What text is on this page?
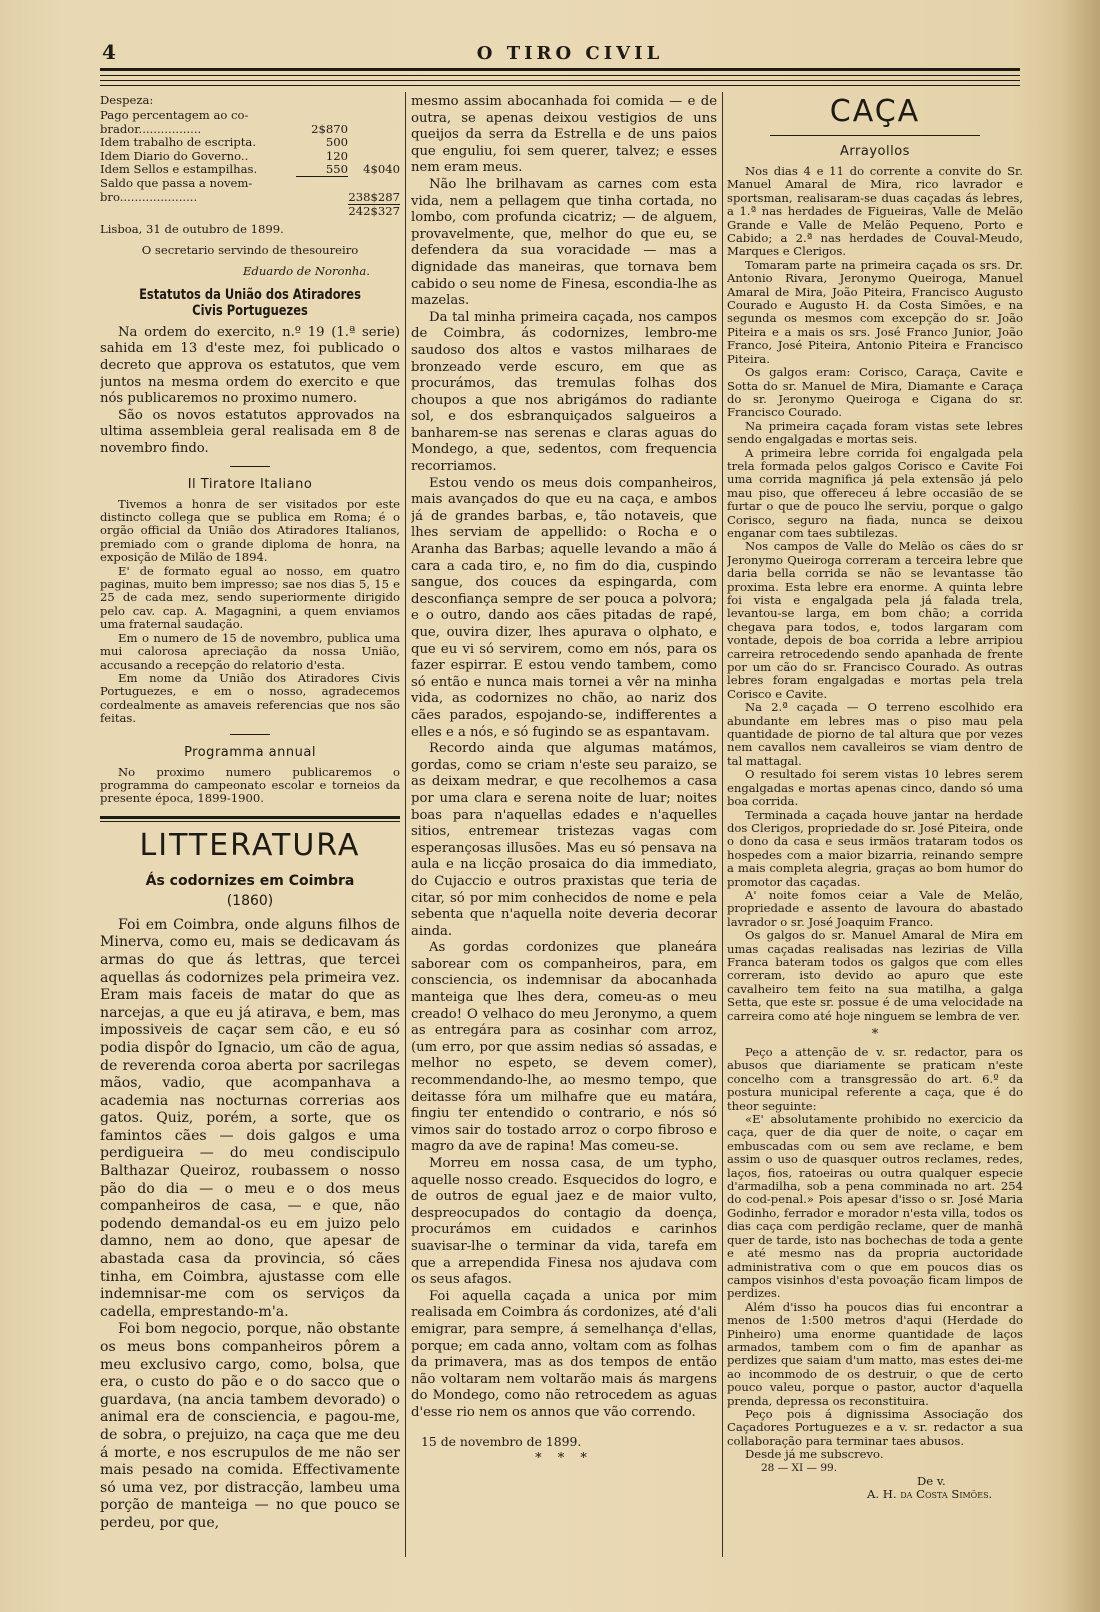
4	O TIRO CIVIL

Despeza:

Pago percentagem ao co-
brador.................	2$870
Idem trabalho de escripta.	500
Idem Diario do Governo..	120
Idem Sellos e estampilhas.	550	4$040
Saldo que passa a novem-
bro.....................	238$287
242$327

Lisboa, 31 de outubro de 1899.

O secretario servindo de thesoureiro

Eduardo de Noronha.

Estatutos da União dos Atiradores Civis Portuguezes

Na ordem do exercito, n.º 19 (1.ª serie) sahida em 13 d'este mez, foi publicado o decreto que approva os estatutos, que vem juntos na mesma ordem do exercito e que nós publicaremos no proximo numero.

São os novos estatutos approvados na ultima assembleia geral realisada em 8 de novembro findo.

Il Tiratore Italiano

Tivemos a honra de ser visitados por este distincto collega que se publica em Roma; é o orgão official da União dos Atiradores Italianos, premiado com o grande diploma de honra, na exposição de Milão de 1894.

E' de formato egual ao nosso, em quatro paginas, muito bem impresso; sae nos dias 5, 15 e 25 de cada mez, sendo superiormente dirigido pelo cav. cap. A. Magagnini, a quem enviamos uma fraternal saudação.

Em o numero de 15 de novembro, publica uma mui calorosa apreciação da nossa União, accusando a recepção do relatorio d'esta.

Em nome da União dos Atiradores Civis Portuguezes, e em o nosso, agradecemos cordealmente as amaveis referencias que nos são feitas.

Programma annual

No proximo numero publicaremos o programma do campeonato escolar e torneios da presente época, 1899-1900.

LITTERATURA
Ás codornizes em Coimbra
(1860)

Foi em Coimbra, onde alguns filhos de Minerva, como eu, mais se dedicavam ás armas do que ás lettras, que tercei aquellas ás codornizes pela primeira vez. Eram mais faceis de matar do que as narcejas, a que eu já atirava, e bem, mas impossiveis de caçar sem cão, e eu só podia dispôr do Ignacio, um cão de agua, de reverenda coroa aberta por sacrilegas mãos, vadio, que acompanhava a academia nas nocturnas correrias aos gatos. Quiz, porém, a sorte, que os famintos cães — dois galgos e uma perdigueira — do meu condiscipulo Balthazar Queiroz, roubassem o nosso pão do dia — o meu e o dos meus companheiros de casa, — e que, não podendo demandal-os eu em juizo pelo damno, nem ao dono, que apesar de abastada casa da provincia, só cães tinha, em Coimbra, ajustasse com elle indemnisar-me com os serviços da cadella, emprestando-m'a.

Foi bom negocio, porque, não obstante os meus bons companheiros pôrem a meu exclusivo cargo, como, bolsa, que era, o custo do pão e o do sacco que o guardava, (na ancia tambem devorado) o animal era de consciencia, e pagou-me, de sobra, o prejuizo, na caça que me deu á morte, e nos escrupulos de me não ser mais pesado na comida. Effectivamente só uma vez, por distracção, lambeu uma porção de manteiga — no que pouco se perdeu, por que,

mesmo assim abocanhada foi comida — e de outra, se apenas deixou vestigios de uns queijos da serra da Estrella e de uns paios que enguliu, foi sem querer, talvez; e esses nem eram meus.

Não lhe brilhavam as carnes com esta vida, nem a pellagem que tinha cortada, no lombo, com profunda cicatriz; — de alguem, provavelmente, que, melhor do que eu, se defendera da sua voracidade — mas a dignidade das maneiras, que tornava bem cabido o seu nome de Finesa, escondia-lhe as mazelas.

Da tal minha primeira caçada, nos campos de Coimbra, ás codornizes, lembro-me saudoso dos altos e vastos milharaes de bronzeado verde escuro, em que as procurámos, das tremulas folhas dos choupos a que nos abrigámos do radiante sol, e dos esbranquiçados salgueiros a banharem-se nas serenas e claras aguas do Mondego, a que, sedentos, com frequencia recorriamos.

Estou vendo os meus dois companheiros, mais avançados do que eu na caça, e ambos já de grandes barbas, e, tão notaveis, que lhes serviam de appellido: o Rocha e o Aranha das Barbas; aquelle levando a mão á cara a cada tiro, e, no fim do dia, cuspindo sangue, dos couces da espingarda, com desconfiança sempre de ser pouca a polvora; e o outro, dando aos cães pitadas de rapé, que, ouvira dizer, lhes apurava o olphato, e que eu vi só servirem, como em nós, para os fazer espirrar. E estou vendo tambem, como só então e nunca mais tornei a vêr na minha vida, as codornizes no chão, ao nariz dos cães parados, espojando-se, indifferentes a elles e a nós, e só fugindo se as espantavam.

Recordo ainda que algumas matámos, gordas, como se criam n'este seu paraizo, se as deixam medrar, e que recolhemos a casa por uma clara e serena noite de luar; noites boas para n'aquellas edades e n'aquelles sitios, entremear tristezas vagas com esperançosas illusões. Mas eu só pensava na aula e na licção prosaica do dia immediato, do Cujaccio e outros praxistas que teria de citar, só por mim conhecidos de nome e pela sebenta que n'aquella noite deveria decorar ainda.

As gordas cordonizes que planeára saborear com os companheiros, para, em consciencia, os indemnisar da abocanhada manteiga que lhes dera, comeu-as o meu creado! O velhaco do meu Jeronymo, a quem as entregára para as cosinhar com arroz, (um erro, por que assim nedias só assadas, e melhor no espeto, se devem comer), recommendando-lhe, ao mesmo tempo, que deitasse fóra um milhafre que eu matára, fingiu ter entendido o contrario, e nós só vimos sair do tostado arroz o corpo fibroso e magro da ave de rapina! Mas comeu-se.

Morreu em nossa casa, de um typho, aquelle nosso creado. Esquecidos do logro, e de outros de egual jaez e de maior vulto, despreocupados do contagio da doença, procurámos em cuidados e carinhos suavisar-lhe o terminar da vida, tarefa em que a arrependida Finesa nos ajudava com os seus afagos.

Foi aquella caçada a unica por mim realisada em Coimbra ás cordonizes, até d'ali emigrar, para sempre, á semelhança d'ellas, porque; em cada anno, voltam com as folhas da primavera, mas as dos tempos de então não voltaram nem voltarão mais ás margens do Mondego, como não retrocedem as aguas d'esse rio nem os annos que vão correndo.

15 de novembro de 1899.

* * *

CAÇA
Arrayollos

Nos dias 4 e 11 do corrente a convite do Sr. Manuel Amaral de Mira, rico lavrador e sportsman, realisaram-se duas caçadas ás lebres, a 1.ª nas herdades de Figueiras, Valle de Melão Grande e Valle de Melão Pequeno, Porto e Cabido; a 2.ª nas herdades de Couval-Meudo, Marques e Clerigos.

Tomaram parte na primeira caçada os srs. Dr. Antonio Rivara, Jeronymo Queiroga, Manuel Amaral de Mira, João Piteira, Francisco Augusto Courado e Augusto H. da Costa Simões, e na segunda os mesmos com excepção do sr. João Piteira e a mais os srs. José Franco Junior, João Franco, José Piteira, Antonio Piteira e Francisco Piteira.

Os galgos eram: Corisco, Caraça, Cavite e Sotta do sr. Manuel de Mira, Diamante e Caraça do sr. Jeronymo Queiroga e Cigana do sr. Francisco Courado.

Na primeira caçada foram vistas sete lebres sendo engalgadas e mortas seis.

A primeira lebre corrida foi engalgada pela trela formada pelos galgos Corisco e Cavite Foi uma corrida magnifica já pela extensão já pelo mau piso, que offereceu á lebre occasião de se furtar o que de pouco lhe serviu, porque o galgo Corisco, seguro na fiada, nunca se deixou enganar com taes subtilezas.

Nos campos de Valle do Melão os cães do sr Jeronymo Queiroga correram a terceira lebre que daria bella corrida se não se levantasse tão proxima. Esta lebre era enorme. A quinta lebre foi vista e engalgada pela já falada trela, levantou-se larga, em bom chão; a corrida chegava para todos, e, todos largaram com vontade, depois de boa corrida a lebre arripiou carreira retrocedendo sendo apanhada de frente por um cão do sr. Francisco Courado. As outras lebres foram engalgadas e mortas pela trela Corisco e Cavite.

Na 2.ª caçada — O terreno escolhido era abundante em lebres mas o piso mau pela quantidade de piorno de tal altura que por vezes nem cavallos nem cavalleiros se viam dentro de tal mattagal.

O resultado foi serem vistas 10 lebres serem engalgadas e mortas apenas cinco, dando só uma boa corrida.

Terminada a caçada houve jantar na herdade dos Clerigos, propriedade do sr. José Piteira, onde o dono da casa e seus irmãos trataram todos os hospedes com a maior bizarria, reinando sempre a mais completa alegria, graças ao bom humor do promotor das caçadas.

A' noite fomos ceiar a Vale de Melão, propriedade e assento de lavoura do abastado lavrador o sr. José Joaquim Franco.

Os galgos do sr. Manuel Amaral de Mira em umas caçadas realisadas nas lezirias de Villa Franca bateram todos os galgos que com elles correram, isto devido ao apuro que este cavalheiro tem feito na sua matilha, a galga Setta, que este sr. possue é de uma velocidade na carreira como até hoje ninguem se lembra de ver.

*

Peço a attenção de v. sr. redactor, para os abusos que diariamente se praticam n'este concelho com a transgressão do art. 6.º da postura municipal referente a caça, que é do theor seguinte:

«E' absolutamente prohibido no exercicio da caça, quer de dia quer de noite, o caçar em embuscadas com ou sem ave reclame, e bem assim o uso de quasquer outros reclames, redes, laços, fios, ratoeiras ou outra qualquer especie d'armadilha, sob a pena comminada no art. 254 do cod-penal.» Pois apesar d'isso o sr. José Maria Godinho, ferrador e morador n'esta villa, todos os dias caça com perdigão reclame, quer de manhã quer de tarde, isto nas bochechas de toda a gente e até mesmo nas da propria auctoridade administrativa com o que em poucos dias os campos visinhos d'esta povoação ficam limpos de perdizes.

Além d'isso ha poucos dias fui encontrar a menos de 1:500 metros d'aqui (Herdade do Pinheiro) uma enorme quantidade de laços armados, tambem com o fim de apanhar as perdizes que saiam d'um matto, mas estes dei-me ao incommodo de os destruir, o que de certo pouco valeu, porque o pastor, auctor d'aquella prenda, depressa os reconstituira.

Peço pois á dignissima Associação dos Caçadores Portuguezes e a v. sr. redactor a sua collaboração para terminar taes abusos.

Desde já me subscrevo.

28 — XI — 99.

De v.

A. H. da Costa Simões.
